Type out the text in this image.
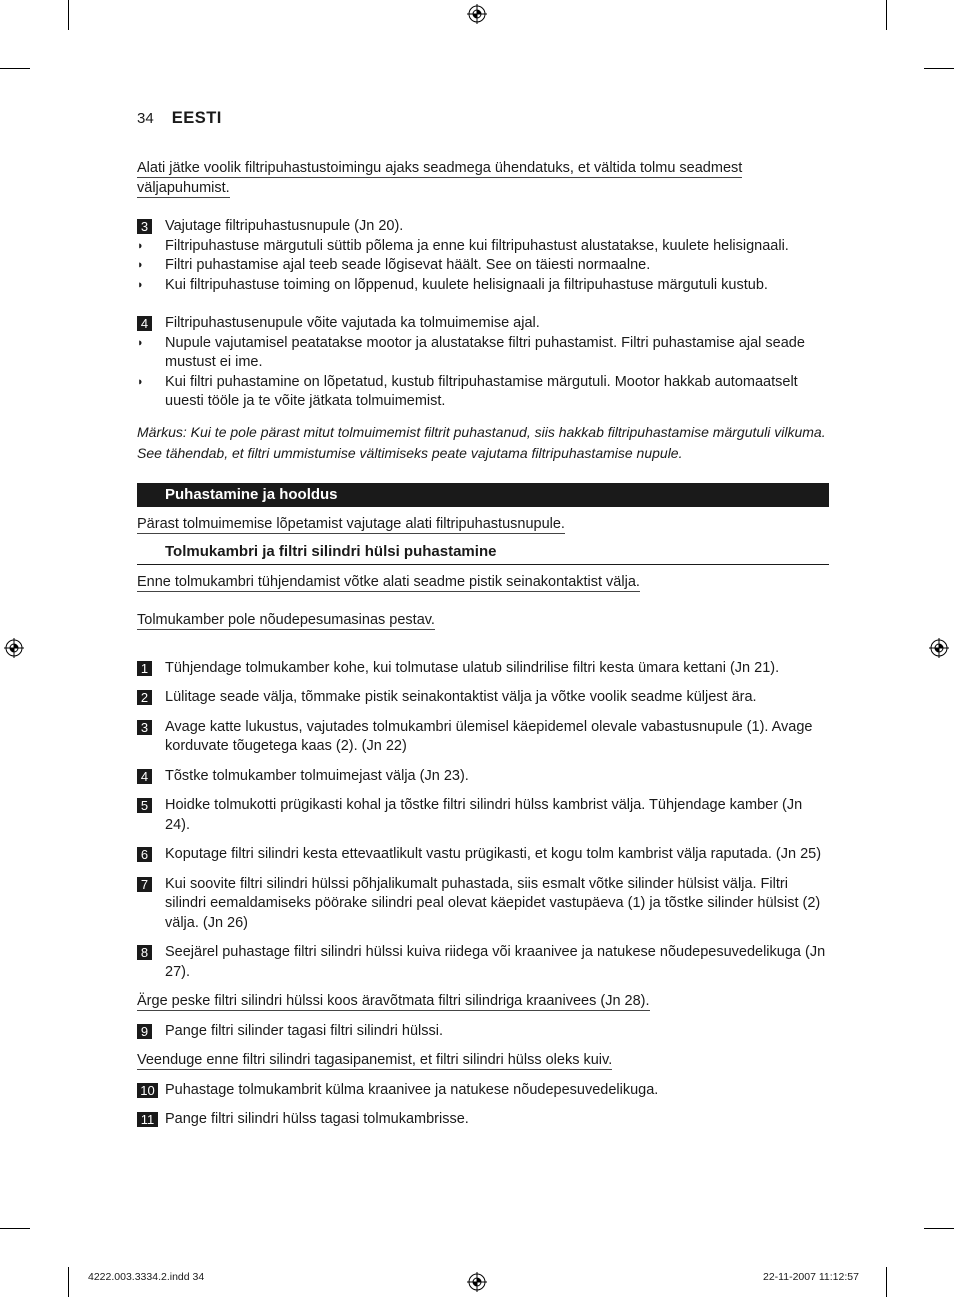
34 EESTI

Alati jätke voolik filtripuhastustoimingu ajaks seadmega ühendatuks, et vältida tolmu seadmest väljapuhumist.

3 Vajutage filtripuhastusnupule (Jn 20).
◗	Filtripuhastuse märgutuli süttib põlema ja enne kui filtripuhastust alustatakse, kuulete helisignaali.
◗	Filtri puhastamise ajal teeb seade lõgisevat häält. See on täiesti normaalne.
◗	Kui filtripuhastuse toiming on lõppenud, kuulete helisignaali ja filtripuhastuse märgutuli kustub.
4 Filtripuhastusenupule võite vajutada ka tolmuimemise ajal.
◗	Nupule vajutamisel peatatakse mootor ja alustatakse filtri puhastamist. Filtri puhastamise ajal seade mustust ei ime.
◗	Kui filtri puhastamine on lõpetatud, kustub filtripuhastamise märgutuli. Mootor hakkab automaatselt uuesti tööle ja te võite jätkata tolmuimemist.

Märkus: Kui te pole pärast mitut tolmuimemist filtrit puhastanud, siis hakkab filtripuhastamise märgutuli vilkuma. See tähendab, et filtri ummistumise vältimiseks peate vajutama filtripuhastamise nupule.

Puhastamine ja hooldus

Pärast tolmuimemise lõpetamist vajutage alati filtripuhastusnupule.

Tolmukambri ja filtri silindri hülsi puhastamine

Enne tolmukambri tühjendamist võtke alati seadme pistik seinakontaktist välja.

Tolmukamber pole nõudepesumasinas pestav.

1 Tühjendage tolmukamber kohe, kui tolmutase ulatub silindrilise filtri kesta ümara kettani (Jn 21).
2 Lülitage seade välja, tõmmake pistik seinakontaktist välja ja võtke voolik seadme küljest ära.
3 Avage katte lukustus, vajutades tolmukambri ülemisel käepidemel olevale vabastusnupule (1). Avage korduvate tõugetega kaas (2). (Jn 22)
4 Tõstke tolmukamber tolmuimejast välja (Jn 23).
5 Hoidke tolmukotti prügikasti kohal ja tõstke filtri silindri hülss kambrist välja. Tühjendage kamber (Jn 24).
6 Koputage filtri silindri kesta ettevaatlikult vastu prügikasti, et kogu tolm kambrist välja raputada. (Jn 25)
7 Kui soovite filtri silindri hülssi põhjalikumalt puhastada, siis esmalt võtke silinder hülsist välja. Filtri silindri eemaldamiseks pöörake silindri peal olevat käepidet vastupäeva (1) ja tõstke silinder hülsist (2) välja. (Jn 26)
8 Seejärel puhastage filtri silindri hülssi kuiva riidega või kraanivee ja natukese nõudepesuvedelikuga (Jn 27).

Ärge peske filtri silindri hülssi koos äravõtmata filtri silindriga kraanivees (Jn 28).

9 Pange filtri silinder tagasi filtri silindri hülssi.

Veenduge enne filtri silindri tagasipanemist, et filtri silindri hülss oleks kuiv.

10 Puhastage tolmukambrit külma kraanivee ja natukese nõudepesuvedelikuga.
11 Pange filtri silindri hülss tagasi tolmukambrisse.
4222.003.3334.2.indd 34	22-11-2007 11:12:57
